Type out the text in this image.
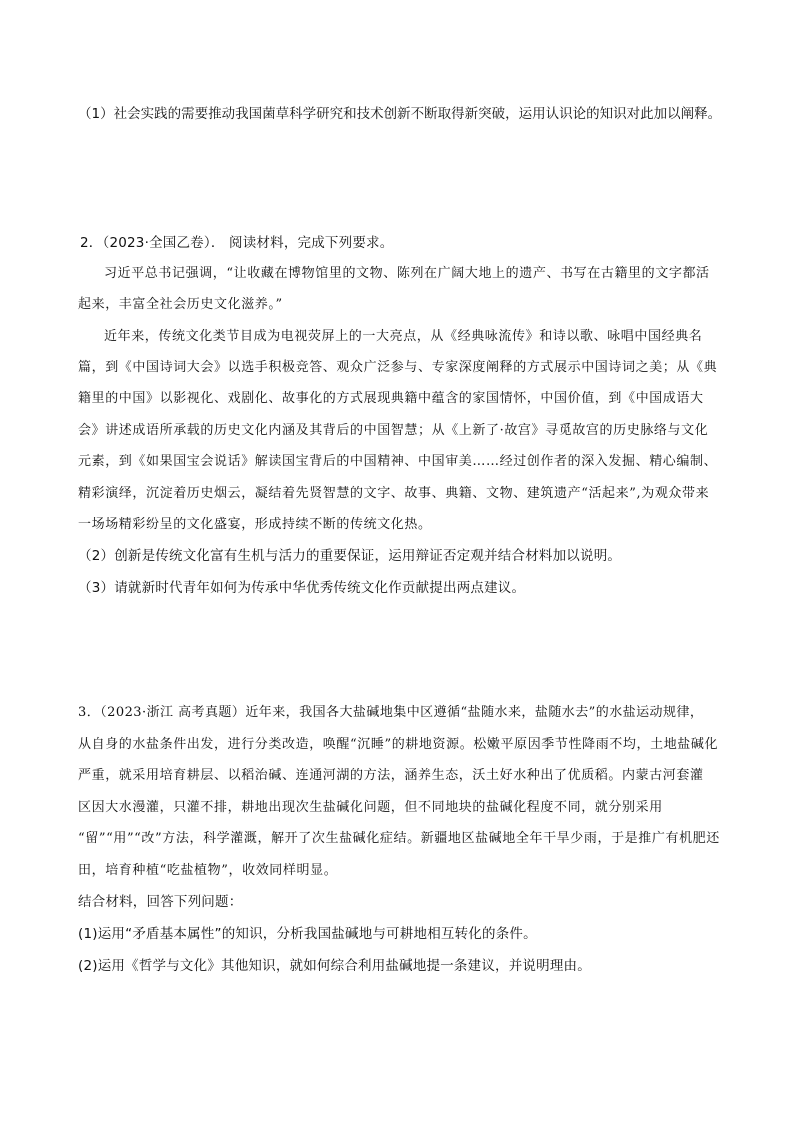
（1）社会实践的需要推动我国菌草科学研究和技术创新不断取得新突破，运用认识论的知识对此加以阐释。

2．（2023·全国乙卷）． 阅读材料，完成下列要求。

习近平总书记强调，“让收藏在博物馆里的文物、陈列在广阔大地上的遗产、书写在古籍里的文字都活

起来，丰富全社会历史文化滋养。”

近年来，传统文化类节目成为电视荧屏上的一大亮点，从《经典咏流传》和诗以歌、咏唱中国经典名

篇，到《中国诗词大会》以选手积极竞答、观众广泛参与、专家深度阐释的方式展示中国诗词之美；从《典

籍里的中国》以影视化、戏剧化、故事化的方式展现典籍中蕴含的家国情怀，中国价值，到《中国成语大

会》讲述成语所承载的历史文化内涵及其背后的中国智慧；从《上新了·故宫》寻觅故宫的历史脉络与文化

元素，到《如果国宝会说话》解读国宝背后的中国精神、中国审美……经过创作者的深入发掘、精心编制、

精彩演绎，沉淀着历史烟云，凝结着先贤智慧的文字、故事、典籍、文物、建筑遗产“活起来”,为观众带来

一场场精彩纷呈的文化盛宴，形成持续不断的传统文化热。

（2）创新是传统文化富有生机与活力的重要保证，运用辩证否定观并结合材料加以说明。

（3）请就新时代青年如何为传承中华优秀传统文化作贡献提出两点建议。

3．（2023·浙江 高考真题）近年来，我国各大盐碱地集中区遵循“盐随水来，盐随水去”的水盐运动规律，

从自身的水盐条件出发，进行分类改造，唤醒“沉睡”的耕地资源。松嫩平原因季节性降雨不均，土地盐碱化

严重，就采用培育耕层、以稻治碱、连通河湖的方法，涵养生态，沃土好水种出了优质稻。内蒙古河套灌

区因大水漫灌，只灌不排，耕地出现次生盐碱化问题，但不同地块的盐碱化程度不同，就分别采用

“留”“用”“改”方法，科学灌溉，解开了次生盐碱化症结。新疆地区盐碱地全年干旱少雨，于是推广有机肥还

田，培育种植“吃盐植物”，收效同样明显。

结合材料，回答下列问题：

(1)运用“矛盾基本属性”的知识，分析我国盐碱地与可耕地相互转化的条件。

(2)运用《哲学与文化》其他知识，就如何综合利用盐碱地提一条建议，并说明理由。
